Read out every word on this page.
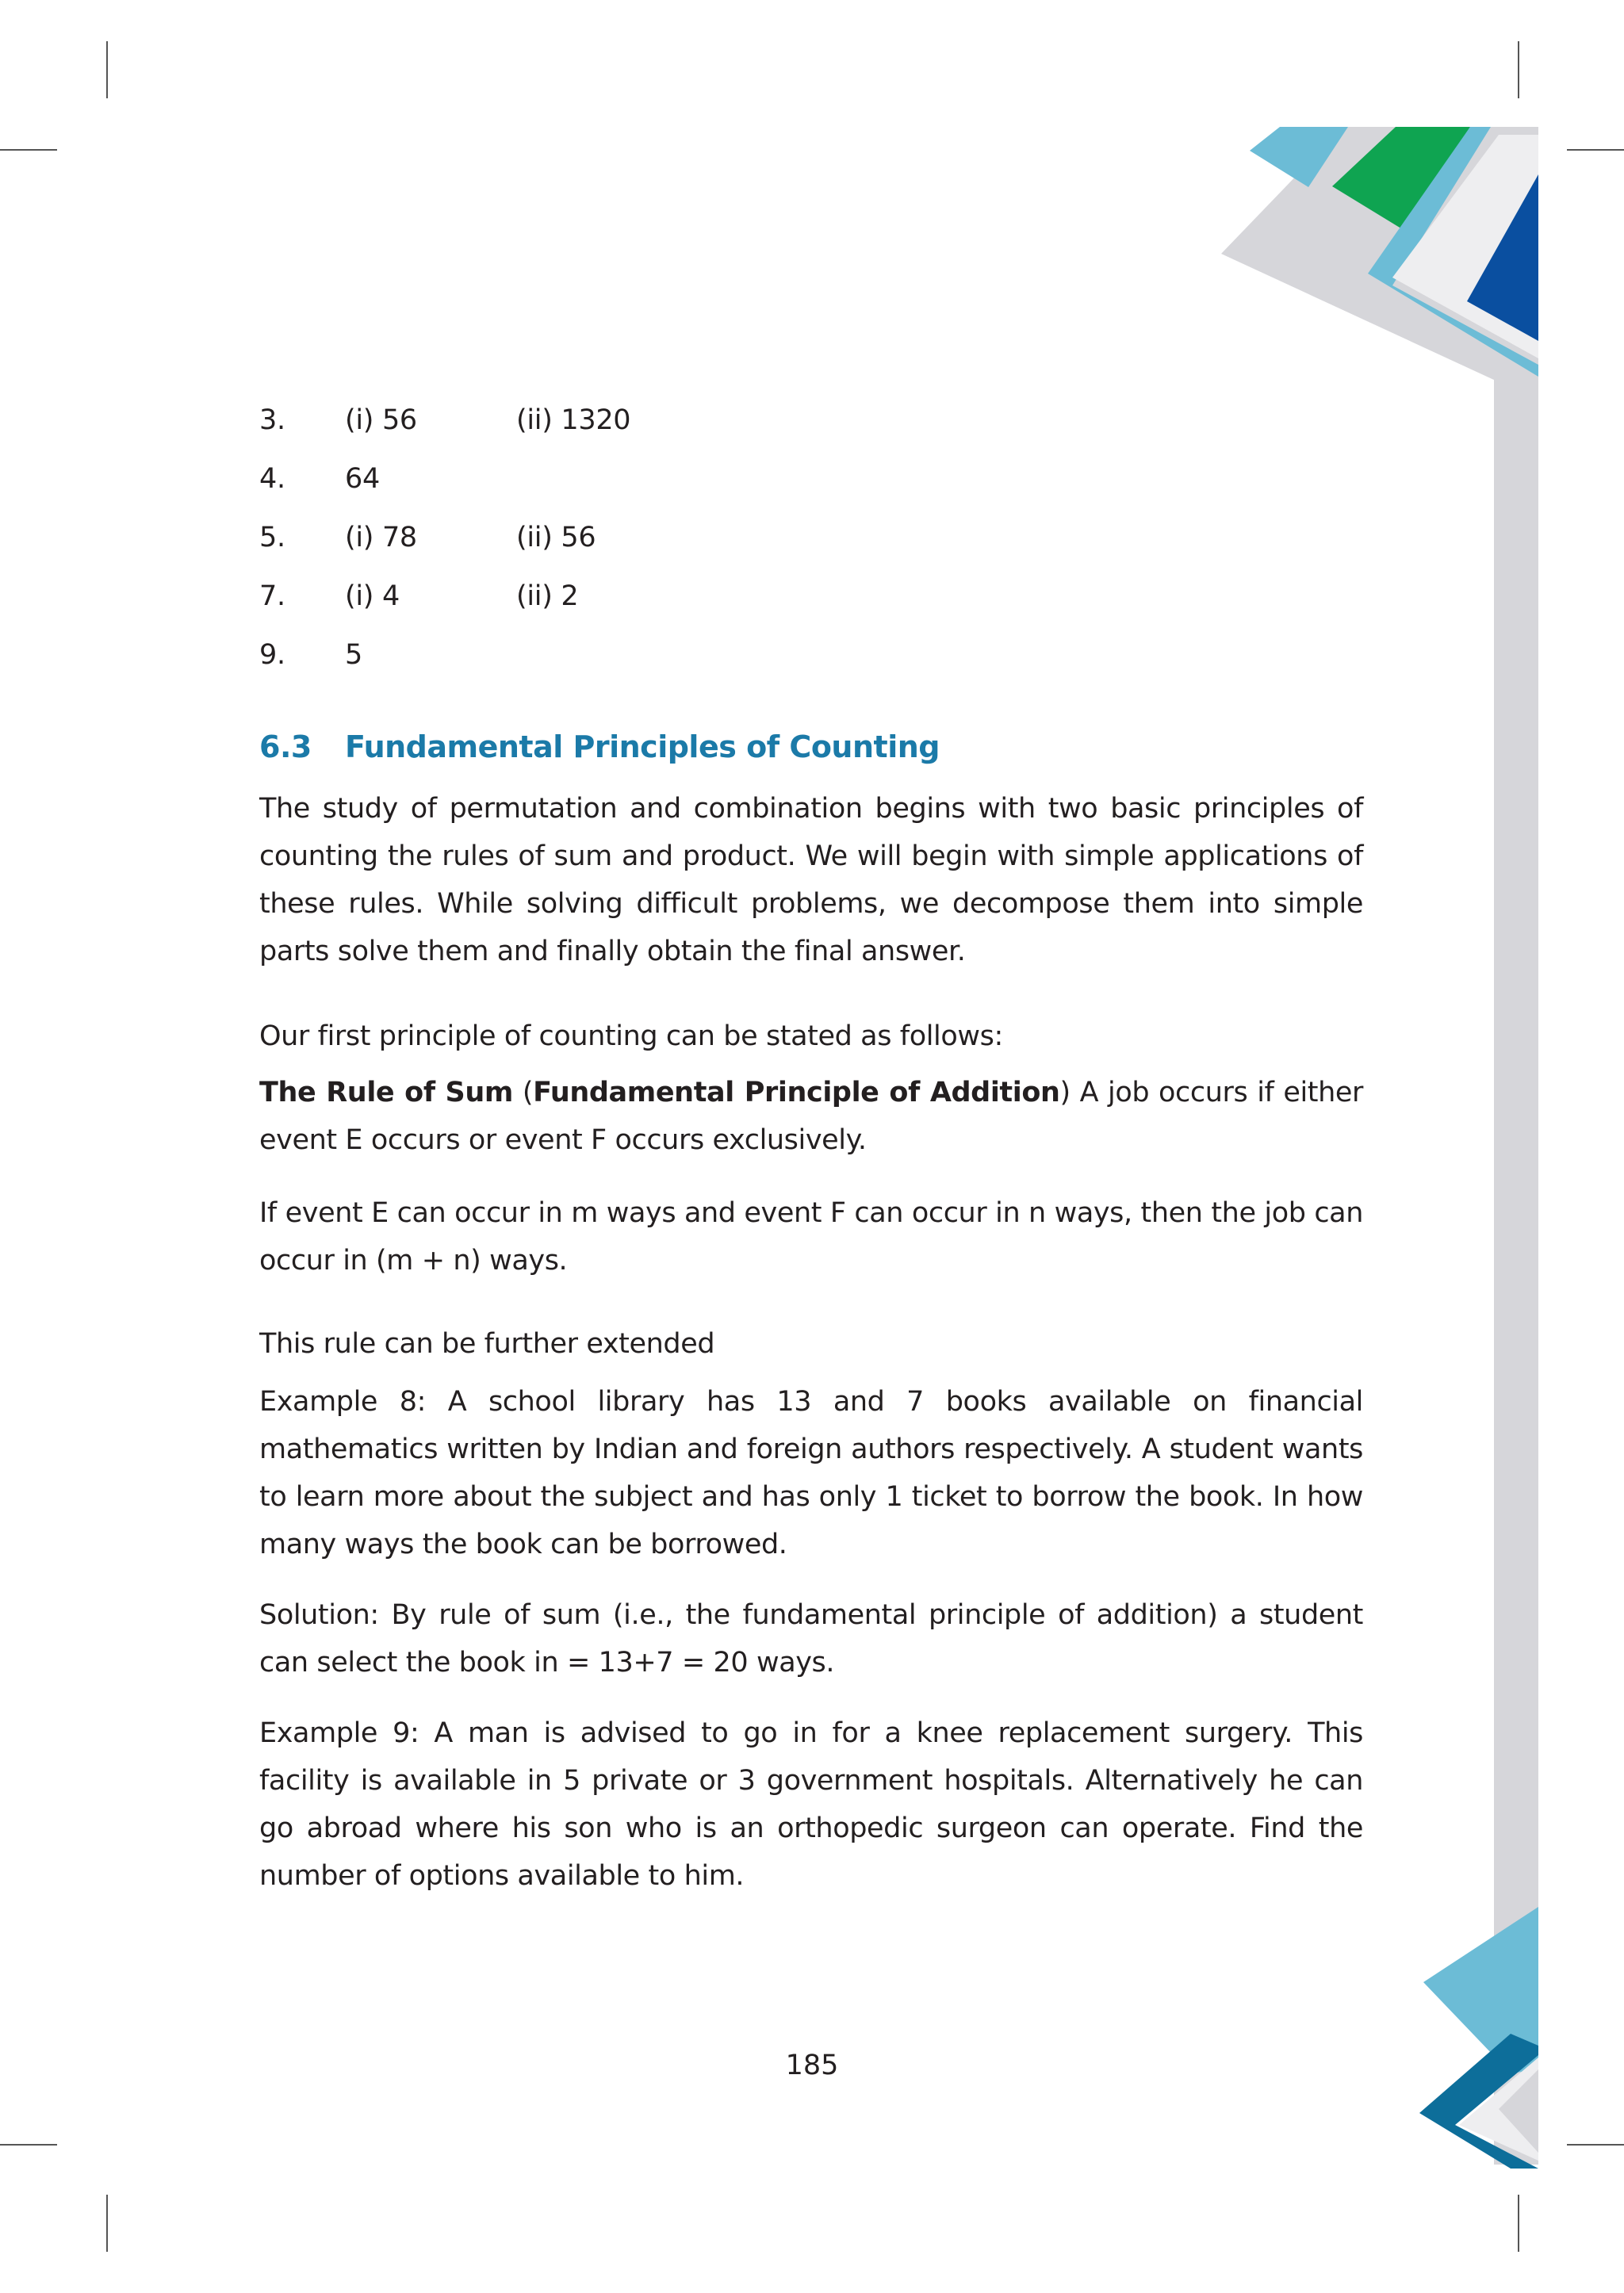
3. (i) 56	(ii) 1320
4. 64
5. (i) 78	(ii) 56
7. (i) 4	(ii) 2
9. 5
6.3 Fundamental Principles of Counting
The study of permutation and combination begins with two basic principles of counting the rules of sum and product. We will begin with simple applications of these rules. While solving difficult problems, we decompose them into simple parts solve them and finally obtain the final answer.
Our first principle of counting can be stated as follows:
The Rule of Sum (Fundamental Principle of Addition) A job occurs if either event E occurs or event F occurs exclusively.
If event E can occur in m ways and event F can occur in n ways, then the job can occur in (m + n) ways.
This rule can be further extended
Example 8: A school library has 13 and 7 books available on financial mathematics written by Indian and foreign authors respectively. A student wants to learn more about the subject and has only 1 ticket to borrow the book. In how many ways the book can be borrowed.
Solution: By rule of sum (i.e., the fundamental principle of addition) a student can select the book in = 13+7 = 20 ways.
Example 9: A man is advised to go in for a knee replacement surgery. This facility is available in 5 private or 3 government hospitals. Alternatively he can go abroad where his son who is an orthopedic surgeon can operate. Find the number of options available to him.
185
